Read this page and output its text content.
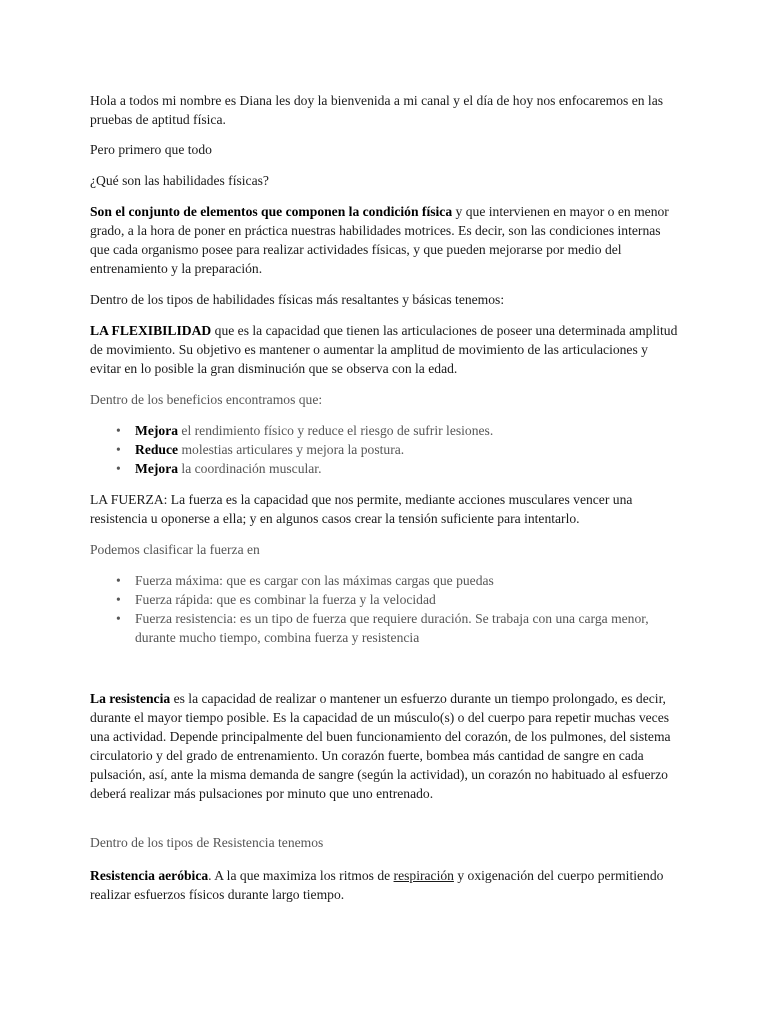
Hola a todos mi nombre es Diana les doy la bienvenida a mi canal y el día de hoy nos enfocaremos en las pruebas de aptitud física.

Pero primero que todo

¿Qué son las habilidades físicas?

Son el conjunto de elementos que componen la condición física y que intervienen en mayor o en menor grado, a la hora de poner en práctica nuestras habilidades motrices. Es decir, son las condiciones internas que cada organismo posee para realizar actividades físicas, y que pueden mejorarse por medio del entrenamiento y la preparación.

Dentro de los tipos de habilidades físicas más resaltantes y básicas tenemos:

LA FLEXIBILIDAD que es la capacidad que tienen las articulaciones de poseer una determinada amplitud de movimiento. Su objetivo es mantener o aumentar la amplitud de movimiento de las articulaciones y evitar en lo posible la gran disminución que se observa con la edad.

Dentro de los beneficios encontramos que:

• Mejora el rendimiento físico y reduce el riesgo de sufrir lesiones.
• Reduce molestias articulares y mejora la postura.
• Mejora la coordinación muscular.

LA FUERZA: La fuerza es la capacidad que nos permite, mediante acciones musculares vencer una resistencia u oponerse a ella; y en algunos casos crear la tensión suficiente para intentarlo.

Podemos clasificar la fuerza en

• Fuerza máxima: que es cargar con las máximas cargas que puedas
• Fuerza rápida: que es combinar la fuerza y la velocidad
• Fuerza resistencia: es un tipo de fuerza que requiere duración. Se trabaja con una carga menor, durante mucho tiempo, combina fuerza y resistencia

La resistencia es la capacidad de realizar o mantener un esfuerzo durante un tiempo prolongado, es decir, durante el mayor tiempo posible. Es la capacidad de un músculo(s) o del cuerpo para repetir muchas veces una actividad. Depende principalmente del buen funcionamiento del corazón, de los pulmones, del sistema circulatorio y del grado de entrenamiento. Un corazón fuerte, bombea más cantidad de sangre en cada pulsación, así, ante la misma demanda de sangre (según la actividad), un corazón no habituado al esfuerzo deberá realizar más pulsaciones por minuto que uno entrenado.

Dentro de los tipos de Resistencia tenemos

Resistencia aeróbica. A la que maximiza los ritmos de respiración y oxigenación del cuerpo permitiendo realizar esfuerzos físicos durante largo tiempo.
